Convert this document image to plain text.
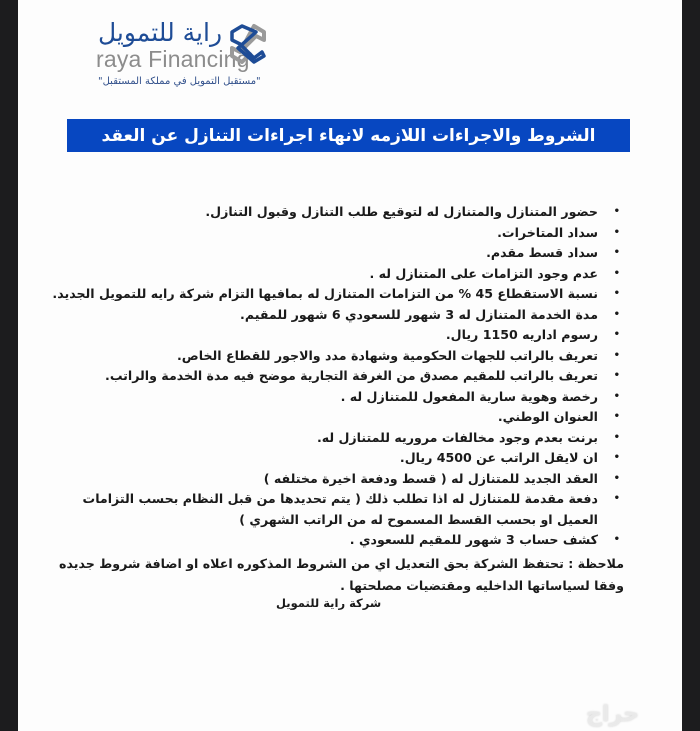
راية للتمويل
raya Financing
"مستقبل التمويل في مملكة المستقبل"
الشروط والاجراءات اللازمه لانهاء اجراءات التنازل عن العقد
•
حضور المتنازل والمتنازل له لتوقيع طلب التنازل وقبول التنازل.
•
سداد المتاخرات.
•
سداد قسط مقدم.
•
عدم وجود التزامات على المتنازل له .
•
نسبة الاستقطاع 45 % من التزامات المتنازل له بمافيها التزام شركة رايه للتمويل الجديد.
•
مدة الخدمة المتنازل له 3 شهور للسعودي 6 شهور للمقيم.
•
رسوم اداريه 1150 ريال.
•
تعريف بالراتب للجهات الحكومية وشهادة مدد والاجور للقطاع الخاص.
•
تعريف بالراتب للمقيم مصدق من الغرفة التجارية موضح فيه مدة الخدمة والراتب.
•
رخصة وهوية سارية المفعول للمتنازل له .
•
العنوان الوطني.
•
برنت بعدم وجود مخالفات مروريه للمتنازل له.
•
ان لايقل الراتب عن 4500 ريال.
•
العقد الجديد للمتنازل له ( قسط ودفعة اخيرة مختلفه )
•
دفعة مقدمة للمتنازل له اذا تطلب ذلك ( يتم تحديدها من قبل النظام بحسب التزامات العميل او بحسب القسط المسموح له من الراتب الشهري )
•
كشف حساب 3 شهور للمقيم للسعودي .
ملاحظة : تحتفظ الشركة بحق التعديل اي من الشروط المذكوره اعلاه او اضافة شروط جديده وفقا لسياساتها الداخليه ومقتضيات مصلحتها .
شركة راية للتمويل
حراج
